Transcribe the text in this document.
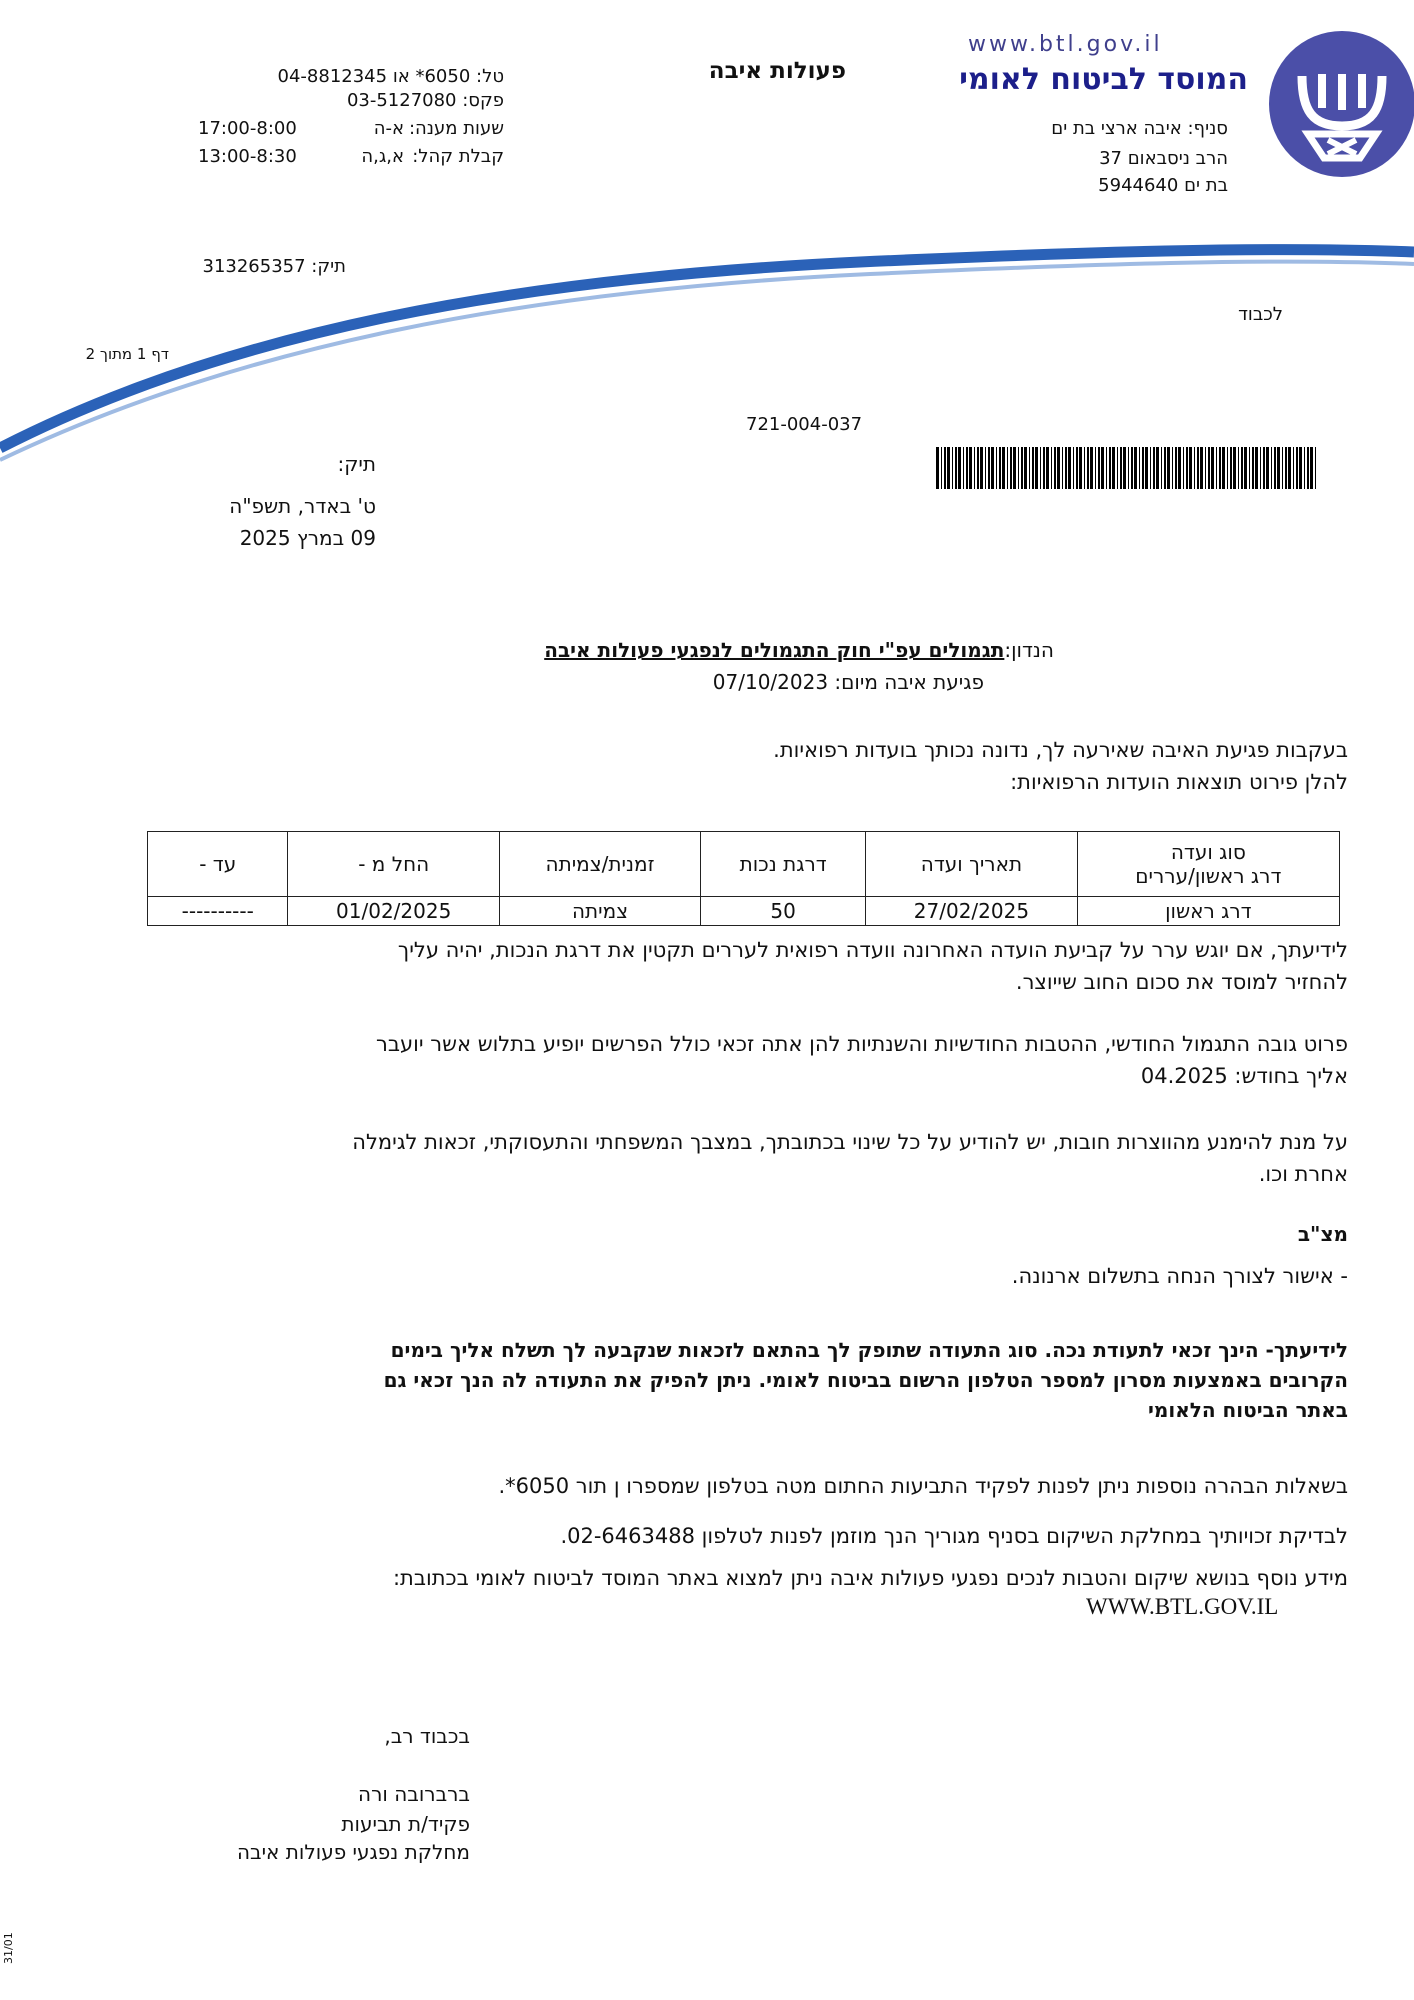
www.btl.gov.il
המוסד לביטוח לאומי
סניף: איבה ארצי בת ים
הרב ניסבאום 37
בת ים 5944640
פעולות איבה
טל: 6050* או 04-8812345
פקס: 03-5127080
שעות מענה:
א-ה
17:00-8:00
קבלת קהל:
א,ג,ה
13:00-8:30
תיק: 313265357
לכבוד
דף 1 מתוך 2
721-004-037
תיק:
ט' באדר, תשפ"ה
09 במרץ 2025
הנדון:תגמולים עפ"י חוק התגמולים לנפגעי פעולות איבה
פגיעת איבה מיום: 07/10/2023
בעקבות פגיעת האיבה שאירעה לך, נדונה נכותך בועדות רפואיות.
להלן פירוט תוצאות הועדות הרפואיות:
סוג ועדה
דרג ראשון/עררים	תאריך ועדה	דרגת נכות	זמנית/צמיתה	החל מ -	עד -
דרג ראשון	27/02/2025	50	צמיתה	01/02/2025	----------
לידיעתך, אם יוגש ערר על קביעת הועדה האחרונה וועדה רפואית לעררים תקטין את דרגת הנכות, יהיה עליך
להחזיר למוסד את סכום החוב שייוצר.
פרוט גובה התגמול החודשי, ההטבות החודשיות והשנתיות להן אתה זכאי כולל הפרשים יופיע בתלוש אשר יועבר
אליך בחודש: 04.2025
על מנת להימנע מהווצרות חובות, יש להודיע על כל שינוי בכתובתך, במצבך המשפחתי והתעסוקתי, זכאות לגימלה
אחרת וכו.
מצ"ב
- אישור לצורך הנחה בתשלום ארנונה.
לידיעתך- הינך זכאי לתעודת נכה. סוג התעודה שתופק לך בהתאם לזכאות שנקבעה לך תשלח אליך בימים
הקרובים באמצעות מסרון למספר הטלפון הרשום בביטוח לאומי. ניתן להפיק את התעודה לה הנך זכאי גם
באתר הביטוח הלאומי
בשאלות הבהרה נוספות ניתן לפנות לפקיד התביעות החתום מטה בטלפון שמספרו ן תור 6050*.
לבדיקת זכויותיך במחלקת השיקום בסניף מגוריך הנך מוזמן לפנות לטלפון 02-6463488.
מידע נוסף בנושא שיקום והטבות לנכים נפגעי פעולות איבה ניתן למצוא באתר המוסד לביטוח לאומי בכתובת:
WWW.BTL.GOV.IL
בכבוד רב,
ברברובה ורה
פקיד/ת תביעות
מחלקת נפגעי פעולות איבה
31/01
